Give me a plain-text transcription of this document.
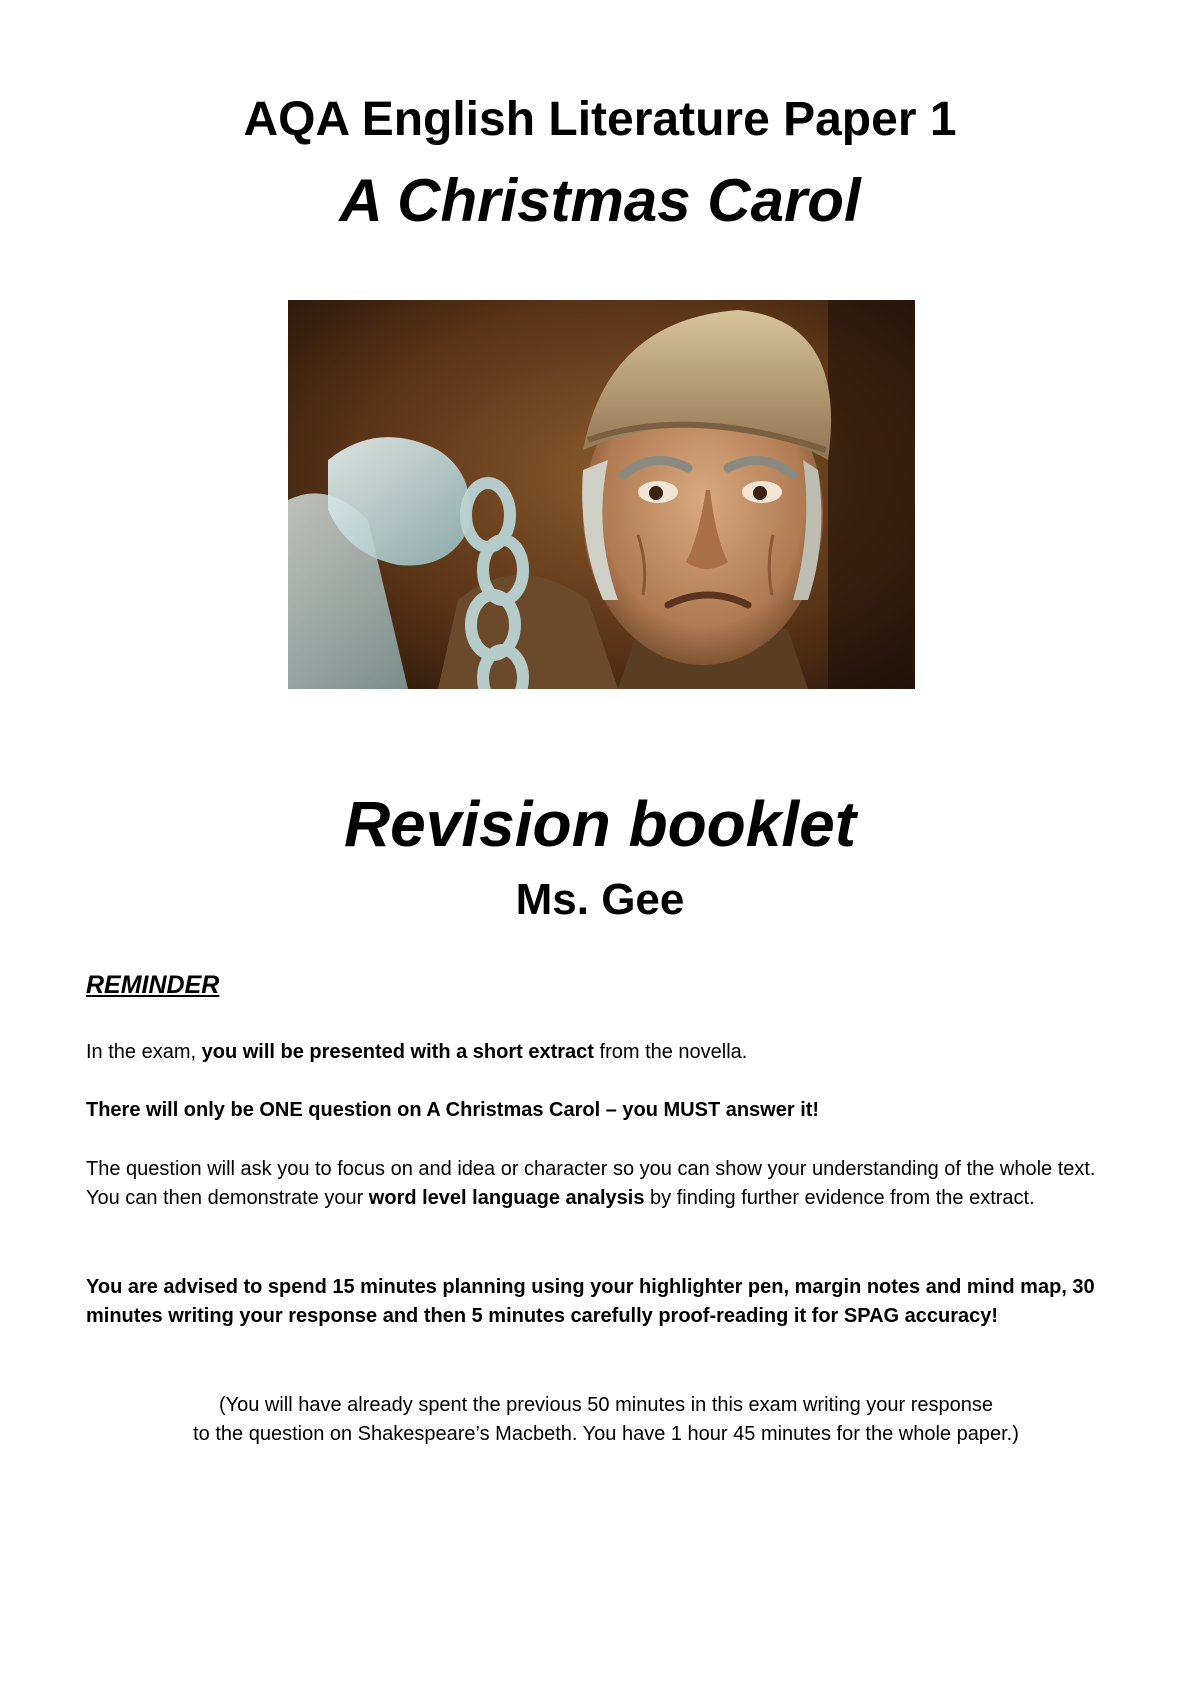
AQA English Literature Paper 1
A Christmas Carol
Revision booklet
Ms. Gee
REMINDER
In the exam, you will be presented with a short extract from the novella.
There will only be ONE question on A Christmas Carol – you MUST answer it!
The question will ask you to focus on and idea or character so you can show your understanding of the whole text. You can then demonstrate your word level language analysis by finding further evidence from the extract.
You are advised to spend 15 minutes planning using your highlighter pen, margin notes and mind map, 30 minutes writing your response and then 5 minutes carefully proof-reading it for SPAG accuracy!
(You will have already spent the previous 50 minutes in this exam writing your response
to the question on Shakespeare’s Macbeth. You have 1 hour 45 minutes for the whole paper.)
